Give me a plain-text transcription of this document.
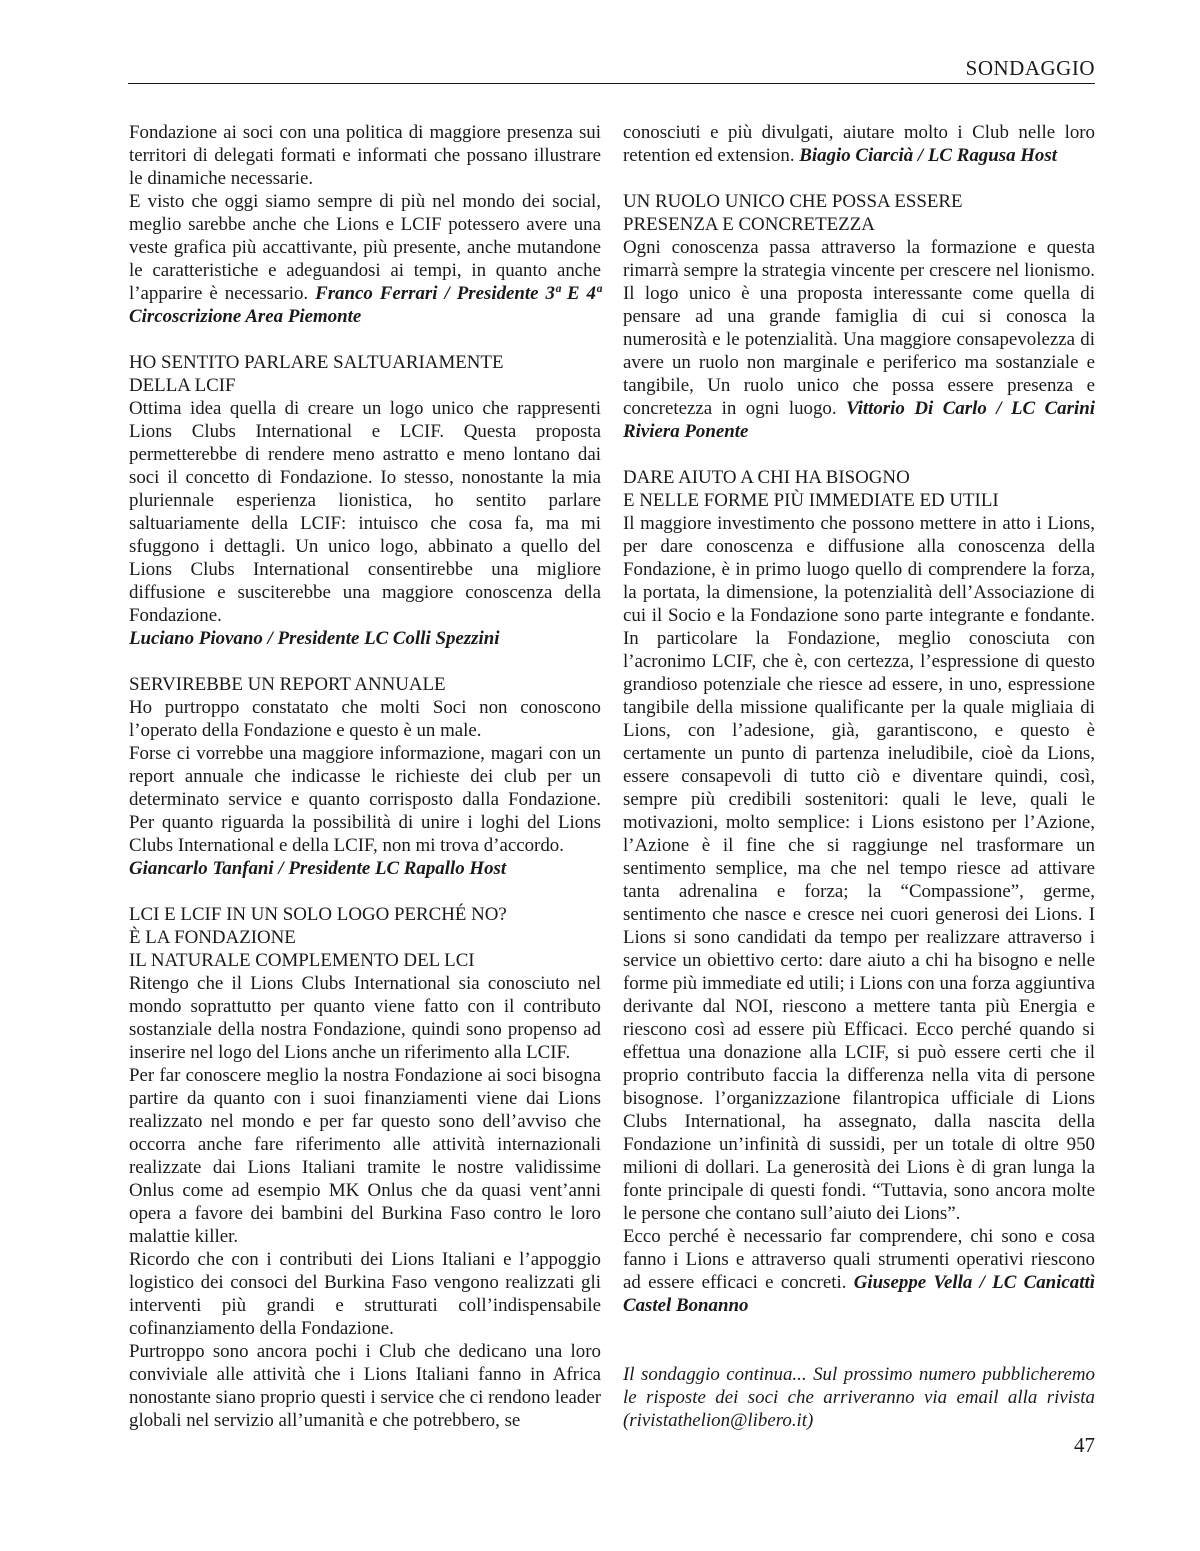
SONDAGGIO

Fondazione ai soci con una politica di maggiore presenza sui territori di delegati formati e informati che possano illustrare le dinamiche necessarie.

E visto che oggi siamo sempre di più nel mondo dei social, meglio sarebbe anche che Lions e LCIF potessero avere una veste grafica più accattivante, più presente, anche mutandone le caratteristiche e adeguandosi ai tempi, in quanto anche l’apparire è necessario. Franco Ferrari / Presidente 3ª E 4ª Circoscrizione Area Piemonte

HO SENTITO PARLARE SALTUARIAMENTE

DELLA LCIF

Ottima idea quella di creare un logo unico che rappresenti Lions Clubs International e LCIF. Questa proposta permetterebbe di rendere meno astratto e meno lontano dai soci il concetto di Fondazione. Io stesso, nonostante la mia pluriennale esperienza lionistica, ho sentito parlare saltuariamente della LCIF: intuisco che cosa fa, ma mi sfuggono i dettagli. Un unico logo, abbinato a quello del Lions Clubs International consentirebbe una migliore diffusione e susciterebbe una maggiore conoscenza della Fondazione.

Luciano Piovano / Presidente LC Colli Spezzini

SERVIREBBE UN REPORT ANNUALE

Ho purtroppo constatato che molti Soci non conoscono l’operato della Fondazione e questo è un male.

Forse ci vorrebbe una maggiore informazione, magari con un report annuale che indicasse le richieste dei club per un determinato service e quanto corrisposto dalla Fondazione. Per quanto riguarda la possibilità di unire i loghi del Lions Clubs International e della LCIF, non mi trova d’accordo.

Giancarlo Tanfani / Presidente LC Rapallo Host

LCI E LCIF IN UN SOLO LOGO PERCHÉ NO?

È LA FONDAZIONE

IL NATURALE COMPLEMENTO DEL LCI

Ritengo che il Lions Clubs International sia conosciuto nel mondo soprattutto per quanto viene fatto con il contributo sostanziale della nostra Fondazione, quindi sono propenso ad inserire nel logo del Lions anche un riferimento alla LCIF.

Per far conoscere meglio la nostra Fondazione ai soci bisogna partire da quanto con i suoi finanziamenti viene dai Lions realizzato nel mondo e per far questo sono dell’avviso che occorra anche fare riferimento alle attività internazionali realizzate dai Lions Italiani tramite le nostre validissime Onlus come ad esempio MK Onlus che da quasi vent’anni opera a favore dei bambini del Burkina Faso contro le loro malattie killer.

Ricordo che con i contributi dei Lions Italiani e l’appoggio logistico dei consoci del Burkina Faso vengono realizzati gli interventi più grandi e strutturati coll’indispensabile cofinanziamento della Fondazione.

Purtroppo sono ancora pochi i Club che dedicano una loro conviviale alle attività che i Lions Italiani fanno in Africa nonostante siano proprio questi i service che ci rendono leader globali nel servizio all’umanità e che potrebbero, se

conosciuti e più divulgati, aiutare molto i Club nelle loro retention ed extension. Biagio Ciarcià / LC Ragusa Host

UN RUOLO UNICO CHE POSSA ESSERE

PRESENZA E CONCRETEZZA

Ogni conoscenza passa attraverso la formazione e questa rimarrà sempre la strategia vincente per crescere nel lionismo. Il logo unico è una proposta interessante come quella di pensare ad una grande famiglia di cui si conosca la numerosità e le potenzialità. Una maggiore consapevolezza di avere un ruolo non marginale e periferico ma sostanziale e tangibile, Un ruolo unico che possa essere presenza e concretezza in ogni luogo. Vittorio Di Carlo / LC Carini Riviera Ponente

DARE AIUTO A CHI HA BISOGNO

E NELLE FORME PIÙ IMMEDIATE ED UTILI

Il maggiore investimento che possono mettere in atto i Lions, per dare conoscenza e diffusione alla conoscenza della Fondazione, è in primo luogo quello di comprendere la forza, la portata, la dimensione, la potenzialità dell’Associazione di cui il Socio e la Fondazione sono parte integrante e fondante. In particolare la Fondazione, meglio conosciuta con l’acronimo LCIF, che è, con certezza, l’espressione di questo grandioso potenziale che riesce ad essere, in uno, espressione tangibile della missione qualificante per la quale migliaia di Lions, con l’adesione, già, garantiscono, e questo è certamente un punto di partenza ineludibile, cioè da Lions, essere consapevoli di tutto ciò e diventare quindi, così, sempre più credibili sostenitori: quali le leve, quali le motivazioni, molto semplice: i Lions esistono per l’Azione, l’Azione è il fine che si raggiunge nel trasformare un sentimento semplice, ma che nel tempo riesce ad attivare tanta adrenalina e forza; la “Compassione”, germe, sentimento che nasce e cresce nei cuori generosi dei Lions. I Lions si sono candidati da tempo per realizzare attraverso i service un obiettivo certo: dare aiuto a chi ha bisogno e nelle forme più immediate ed utili; i Lions con una forza aggiuntiva derivante dal NOI, riescono a mettere tanta più Energia e riescono così ad essere più Efficaci. Ecco perché quando si effettua una donazione alla LCIF, si può essere certi che il proprio contributo faccia la differenza nella vita di persone bisognose. l’organizzazione filantropica ufficiale di Lions Clubs International, ha assegnato, dalla nascita della Fondazione un’infinità di sussidi, per un totale di oltre 950 milioni di dollari. La generosità dei Lions è di gran lunga la fonte principale di questi fondi. “Tuttavia, sono ancora molte le persone che contano sull’aiuto dei Lions”.

Ecco perché è necessario far comprendere, chi sono e cosa fanno i Lions e attraverso quali strumenti operativi riescono ad essere efficaci e concreti. Giuseppe Vella / LC Canicattì Castel Bonanno

Il sondaggio continua... Sul prossimo numero pubblicheremo le risposte dei soci che arriveranno via email alla rivista (rivistathelion@libero.it)

47
